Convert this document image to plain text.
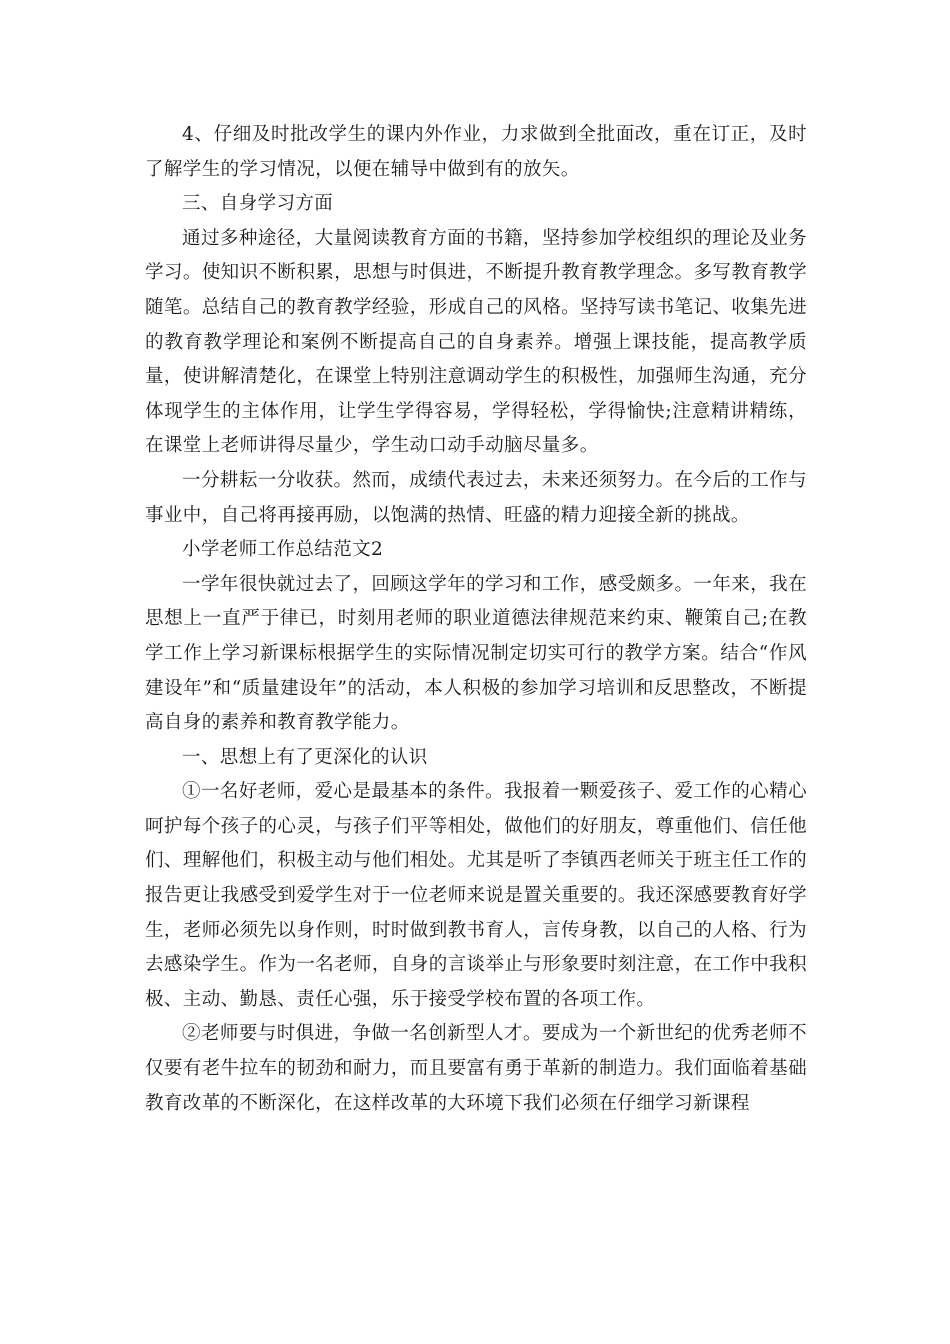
4、仔细及时批改学生的课内外作业，力求做到全批面改，重在订正，及时了解学生的学习情况，以便在辅导中做到有的放矢。

三、自身学习方面

通过多种途径，大量阅读教育方面的书籍，坚持参加学校组织的理论及业务学习。使知识不断积累，思想与时俱进，不断提升教育教学理念。多写教育教学随笔。总结自己的教育教学经验，形成自己的风格。坚持写读书笔记、收集先进的教育教学理论和案例不断提高自己的自身素养。增强上课技能，提高教学质量，使讲解清楚化，在课堂上特别注意调动学生的积极性，加强师生沟通，充分体现学生的主体作用，让学生学得容易，学得轻松，学得愉快;注意精讲精练，在课堂上老师讲得尽量少，学生动口动手动脑尽量多。

一分耕耘一分收获。然而，成绩代表过去，未来还须努力。在今后的工作与事业中，自己将再接再励，以饱满的热情、旺盛的精力迎接全新的挑战。

小学老师工作总结范文2

一学年很快就过去了，回顾这学年的学习和工作，感受颇多。一年来，我在思想上一直严于律已，时刻用老师的职业道德法律规范来约束、鞭策自己;在教学工作上学习新课标根据学生的实际情况制定切实可行的教学方案。结合“作风建设年”和“质量建设年”的活动，本人积极的参加学习培训和反思整改，不断提高自身的素养和教育教学能力。

一、思想上有了更深化的认识

①一名好老师，爱心是最基本的条件。我报着一颗爱孩子、爱工作的心精心呵护每个孩子的心灵，与孩子们平等相处，做他们的好朋友，尊重他们、信任他们、理解他们，积极主动与他们相处。尤其是听了李镇西老师关于班主任工作的报告更让我感受到爱学生对于一位老师来说是置关重要的。我还深感要教育好学生，老师必须先以身作则，时时做到教书育人，言传身教，以自己的人格、行为去感染学生。作为一名老师，自身的言谈举止与形象要时刻注意，在工作中我积极、主动、勤恳、责任心强，乐于接受学校布置的各项工作。

②老师要与时俱进，争做一名创新型人才。要成为一个新世纪的优秀老师不仅要有老牛拉车的韧劲和耐力，而且要富有勇于革新的制造力。我们面临着基础教育改革的不断深化，在这样改革的大环境下我们必须在仔细学习新课程
